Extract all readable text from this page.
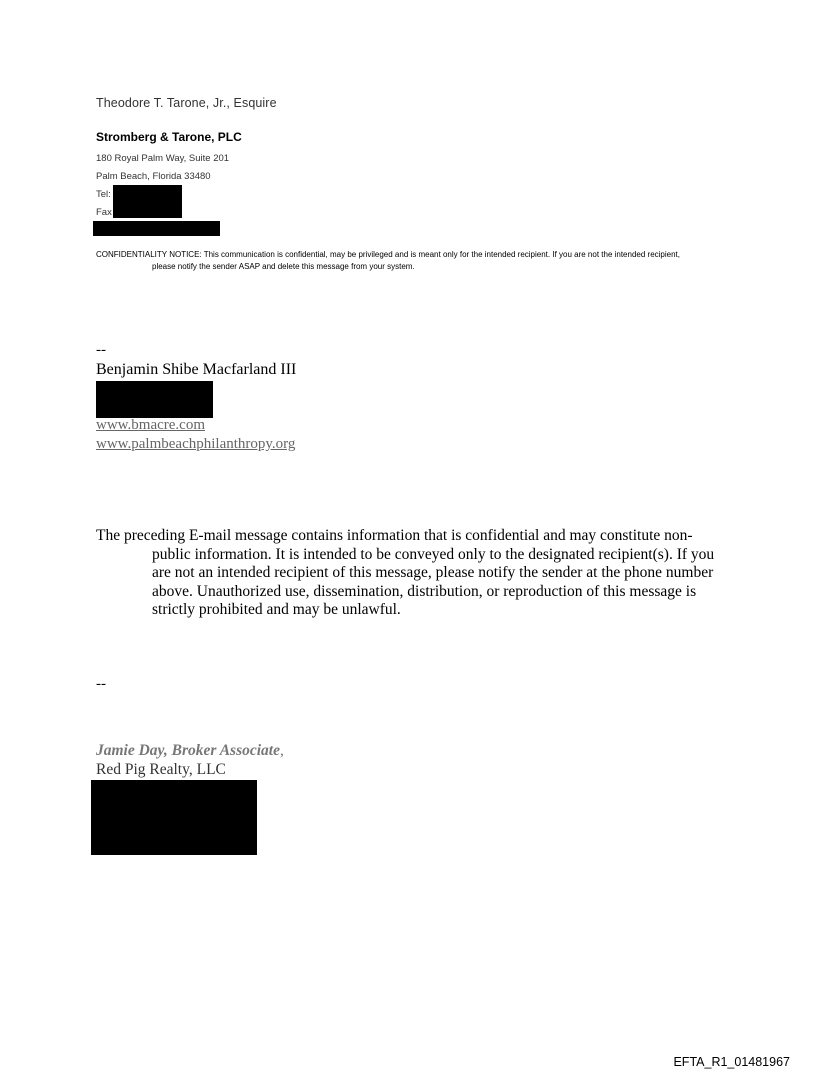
Theodore T. Tarone, Jr., Esquire
Stromberg & Tarone, PLC
180 Royal Palm Way, Suite 201
Palm Beach, Florida 33480
Tel:
Fax
CONFIDENTIALITY NOTICE: This communication is confidential, may be privileged and is meant only for the intended recipient. If you are not the intended recipient,
please notify the sender ASAP and delete this message from your system.
--
Benjamin Shibe Macfarland III
www.bmacre.com
www.palmbeachphilanthropy.org
The preceding E-mail message contains information that is confidential and may constitute non-
public information. It is intended to be conveyed only to the designated recipient(s). If you are not an intended recipient of this message, please notify the sender at the phone number above. Unauthorized use, dissemination, distribution, or reproduction of this message is strictly prohibited and may be unlawful.
--
Jamie Day, Broker Associate,
Red Pig Realty, LLC
EFTA_R1_01481967
